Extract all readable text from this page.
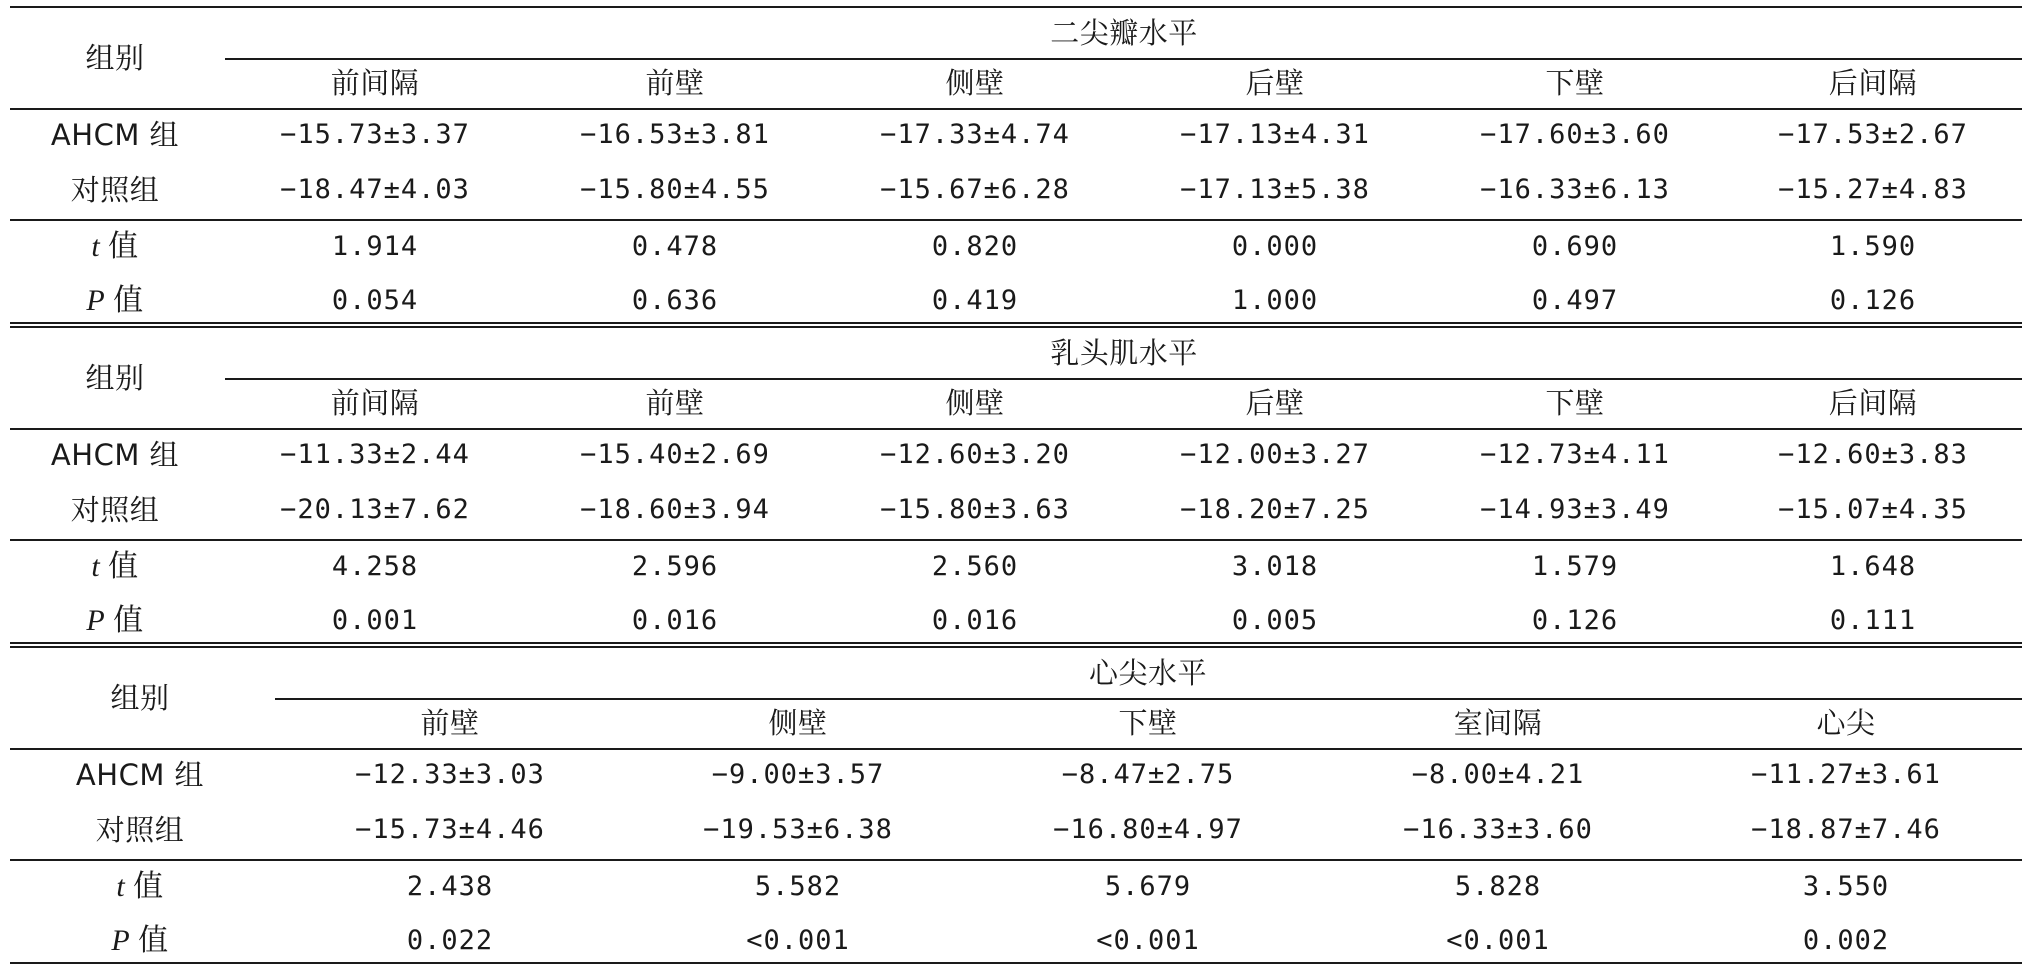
组别
二尖瓣水平
前间隔	前壁	侧壁	后壁	下壁	后间隔
AHCM 组	−15.73±3.37	−16.53±3.81	−17.33±4.74	−17.13±4.31	−17.60±3.60	−17.53±2.67
对照组	−18.47±4.03	−15.80±4.55	−15.67±6.28	−17.13±5.38	−16.33±6.13	−15.27±4.83
t 值	1.914	0.478	0.820	0.000	0.690	1.590
P 值	0.054	0.636	0.419	1.000	0.497	0.126
组别
乳头肌水平
前间隔	前壁	侧壁	后壁	下壁	后间隔
AHCM 组	−11.33±2.44	−15.40±2.69	−12.60±3.20	−12.00±3.27	−12.73±4.11	−12.60±3.83
对照组	−20.13±7.62	−18.60±3.94	−15.80±3.63	−18.20±7.25	−14.93±3.49	−15.07±4.35
t 值	4.258	2.596	2.560	3.018	1.579	1.648
P 值	0.001	0.016	0.016	0.005	0.126	0.111
组别
心尖水平
前壁	侧壁	下壁	室间隔	心尖
AHCM 组	−12.33±3.03	−9.00±3.57	−8.47±2.75	−8.00±4.21	−11.27±3.61
对照组	−15.73±4.46	−19.53±6.38	−16.80±4.97	−16.33±3.60	−18.87±7.46
t 值	2.438	5.582	5.679	5.828	3.550
P 值	0.022	<0.001	<0.001	<0.001	0.002
